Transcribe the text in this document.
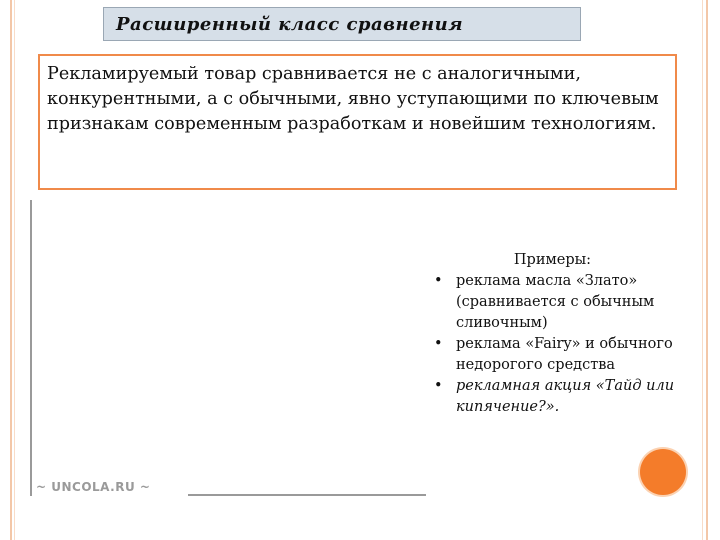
Расширенный класс сравнения

Рекламируемый товар сравнивается не с аналогичными, конкурентными, а с обычными, явно уступающими по ключевым признакам современным разработкам и новейшим технологиям.

~ UNCOLA.RU ~

Примеры:

• реклама масла «Злато» (сравнивается с обычным сливочным)
• реклама «Fairy» и обычного недорогого средства
• рекламная акция «Тайд или кипячение?».
